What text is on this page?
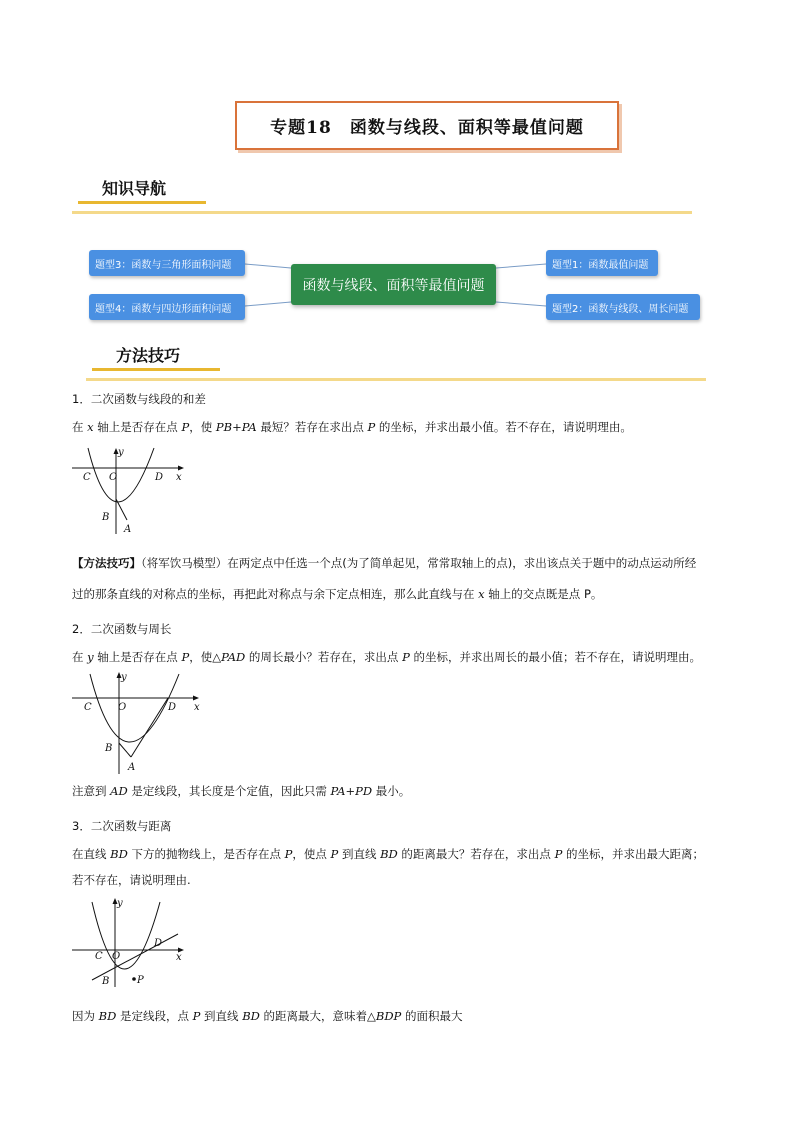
专题18　函数与线段、面积等最值问题
知识导航
题型3：函数与三角形面积问题
题型4：函数与四边形面积问题
函数与线段、面积等最值问题
题型1：函数最值问题
题型2：函数与线段、周长问题
方法技巧
1．二次函数与线段的和差
在 x 轴上是否存在点 P，使 PB+PA 最短？若存在求出点 P 的坐标，并求出最小值。若不存在，请说明理由。
y
C O	D x
B
A
【方法技巧】（将军饮马模型）在两定点中任选一个点(为了简单起见，常常取轴上的点)，求出该点关于题中的动点运动所经
过的那条直线的对称点的坐标，再把此对称点与余下定点相连，那么此直线与在 x 轴上的交点既是点 P。
2．二次函数与周长
在 y 轴上是否存在点 P，使△PAD 的周长最小？若存在，求出点 P 的坐标，并求出周长的最小值；若不存在，请说明理由。
y
C	O	D x
B
A
注意到 AD 是定线段，其长度是个定值，因此只需 PA+PD 最小。
3．二次函数与距离
在直线 BD 下方的抛物线上，是否存在点 P，使点 P 到直线 BD 的距离最大？若存在，求出点 P 的坐标，并求出最大距离；
若不存在，请说明理由.
y
C O
D
x
B	P
因为 BD 是定线段，点 P 到直线 BD 的距离最大，意味着△BDP 的面积最大
